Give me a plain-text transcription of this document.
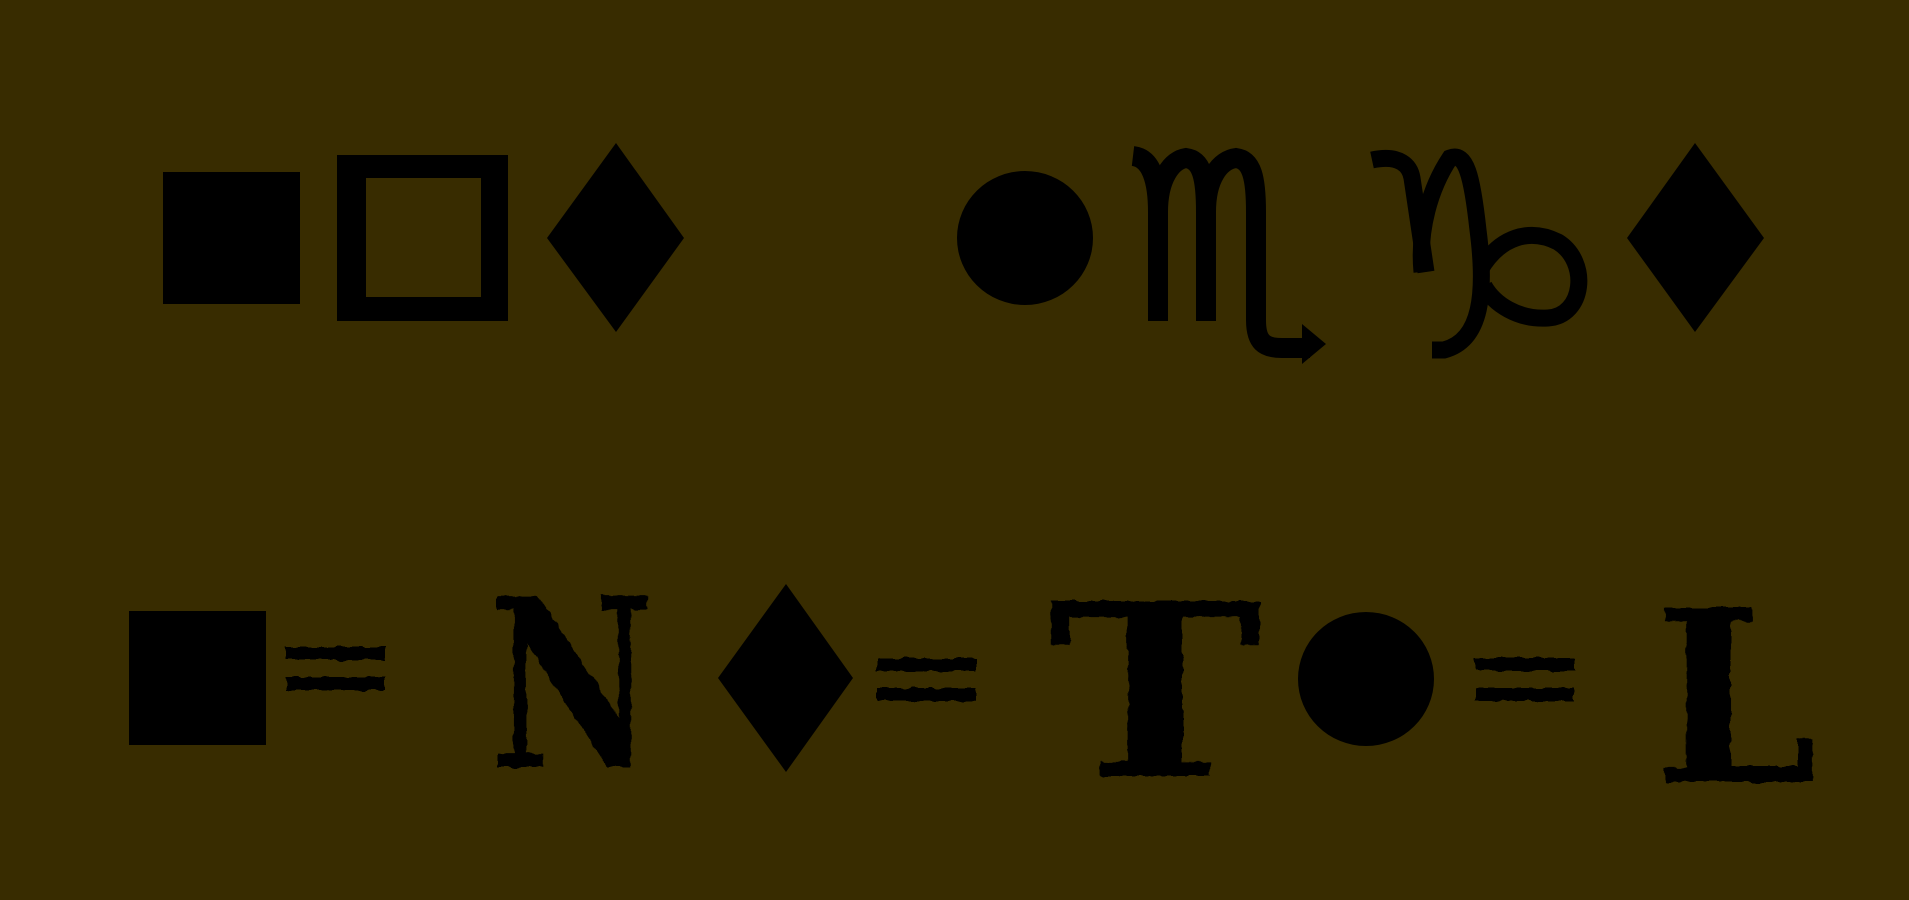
N T L
